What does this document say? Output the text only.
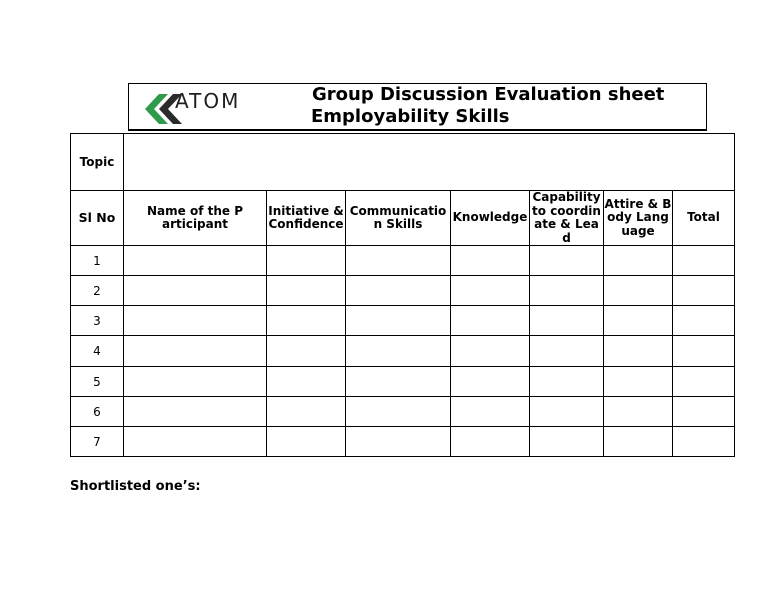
ATOM	Group Discussion Evaluation sheet
Employability Skills
Topic							
Sl No	Name of the Participant	Initiative & Confidence	Communication Skills	Knowledge	Capability to coordinate & Lead	Attire & Body Language	Total
1							
2							
3							
4							
5							
6							
7							
Shortlisted one’s:
